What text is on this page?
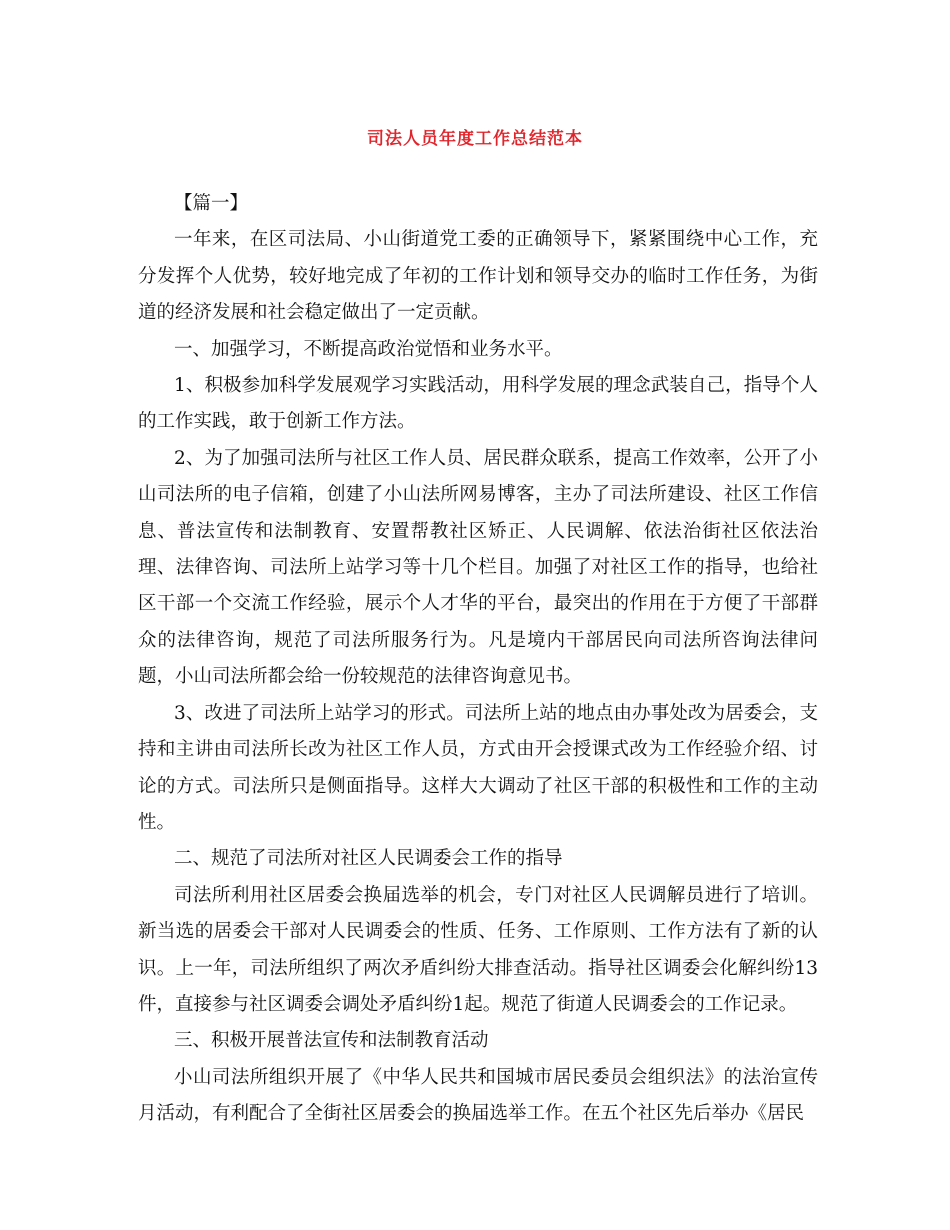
司法人员年度工作总结范本

【篇一】

一年来，在区司法局、小山街道党工委的正确领导下，紧紧围绕中心工作，充分发挥个人优势，较好地完成了年初的工作计划和领导交办的临时工作任务，为街道的经济发展和社会稳定做出了一定贡献。

一、加强学习，不断提高政治觉悟和业务水平。

1、积极参加科学发展观学习实践活动，用科学发展的理念武装自己，指导个人的工作实践，敢于创新工作方法。

2、为了加强司法所与社区工作人员、居民群众联系，提高工作效率，公开了小山司法所的电子信箱，创建了小山法所网易博客，主办了司法所建设、社区工作信息、普法宣传和法制教育、安置帮教社区矫正、人民调解、依法治街社区依法治理、法律咨询、司法所上站学习等十几个栏目。加强了对社区工作的指导，也给社区干部一个交流工作经验，展示个人才华的平台，最突出的作用在于方便了干部群众的法律咨询，规范了司法所服务行为。凡是境内干部居民向司法所咨询法律问题，小山司法所都会给一份较规范的法律咨询意见书。

3、改进了司法所上站学习的形式。司法所上站的地点由办事处改为居委会，支持和主讲由司法所长改为社区工作人员，方式由开会授课式改为工作经验介绍、讨论的方式。司法所只是侧面指导。这样大大调动了社区干部的积极性和工作的主动性。

二、规范了司法所对社区人民调委会工作的指导

司法所利用社区居委会换届选举的机会，专门对社区人民调解员进行了培训。新当选的居委会干部对人民调委会的性质、任务、工作原则、工作方法有了新的认识。上一年，司法所组织了两次矛盾纠纷大排查活动。指导社区调委会化解纠纷13件，直接参与社区调委会调处矛盾纠纷1起。规范了街道人民调委会的工作记录。

三、积极开展普法宣传和法制教育活动

小山司法所组织开展了《中华人民共和国城市居民委员会组织法》的法治宣传月活动，有利配合了全街社区居委会的换届选举工作。在五个社区先后举办《居民
